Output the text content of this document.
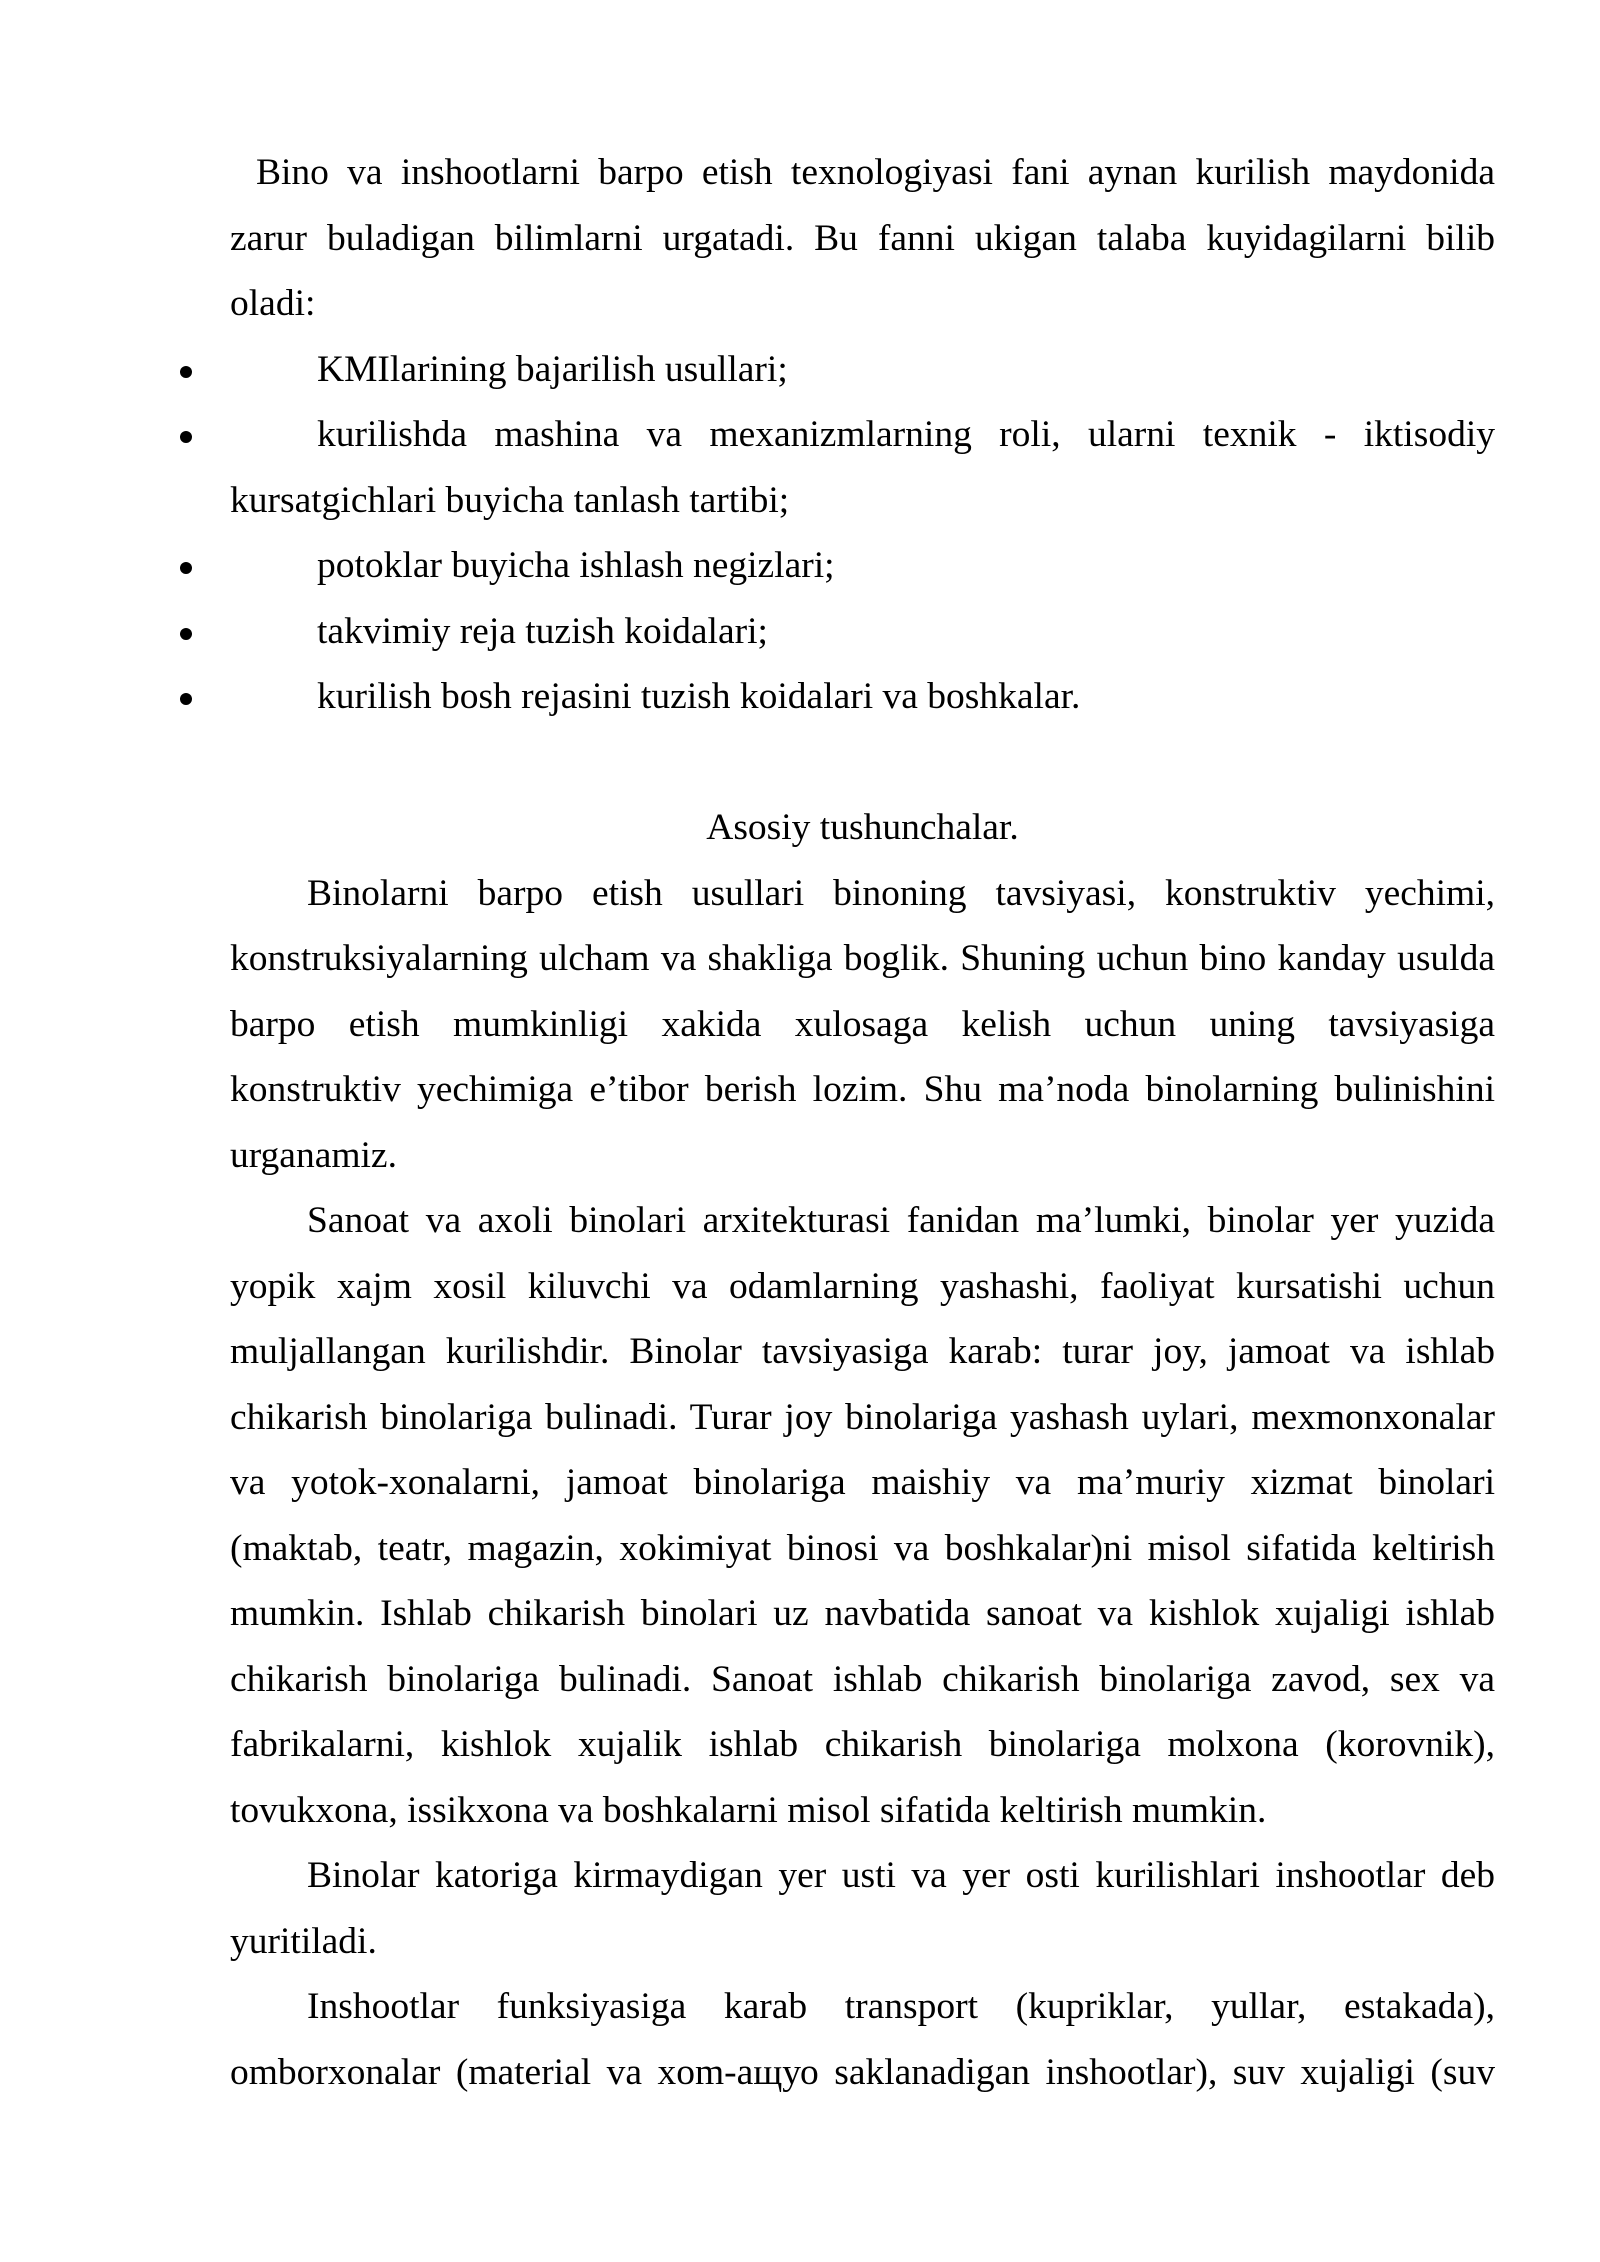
Bino va inshootlarni barpo etish texnologiyasi fani aynan kurilish maydonida
zarur buladigan bilimlarni urgatadi. Bu fanni ukigan talaba kuyidagilarni bilib
oladi:
KMIlarining bajarilish usullari;
kurilishda mashina va mexanizmlarning roli, ularni texnik - iktisodiy
kursatgichlari buyicha tanlash tartibi;
potoklar buyicha ishlash negizlari;
takvimiy reja tuzish koidalari;
kurilish bosh rejasini tuzish koidalari va boshkalar.
Asosiy tushunchalar.
Binolarni barpo etish usullari binoning tavsiyasi, konstruktiv yechimi,
konstruksiyalarning ulcham va shakliga boglik. Shuning uchun bino kanday usulda
barpo etish mumkinligi xakida xulosaga kelish uchun uning tavsiyasiga
konstruktiv yechimiga e’tibor berish lozim. Shu ma’noda binolarning bulinishini
urganamiz.
Sanoat va axoli binolari arxitekturasi fanidan ma’lumki, binolar yer yuzida
yopik xajm xosil kiluvchi va odamlarning yashashi, faoliyat kursatishi uchun
muljallangan kurilishdir. Binolar tavsiyasiga karab: turar joy, jamoat va ishlab
chikarish binolariga bulinadi. Turar joy binolariga yashash uylari, mexmonxonalar
va yotok-xonalarni, jamoat binolariga maishiy va ma’muriy xizmat binolari
(maktab, teatr, magazin, xokimiyat binosi va boshkalar)ni misol sifatida keltirish
mumkin. Ishlab chikarish binolari uz navbatida sanoat va kishlok xujaligi ishlab
chikarish binolariga bulinadi. Sanoat ishlab chikarish binolariga zavod, sex va
fabrikalarni, kishlok xujalik ishlab chikarish binolariga molxona (korovnik),
tovukxona, issikxona va boshkalarni misol sifatida keltirish mumkin.
Binolar katoriga kirmaydigan yer usti va yer osti kurilishlari inshootlar deb
yuritiladi.
Inshootlar funksiyasiga karab transport (kupriklar, yullar, estakada),
omborxonalar (material va xom-ащуо saklanadigan inshootlar), suv xujaligi (suv
